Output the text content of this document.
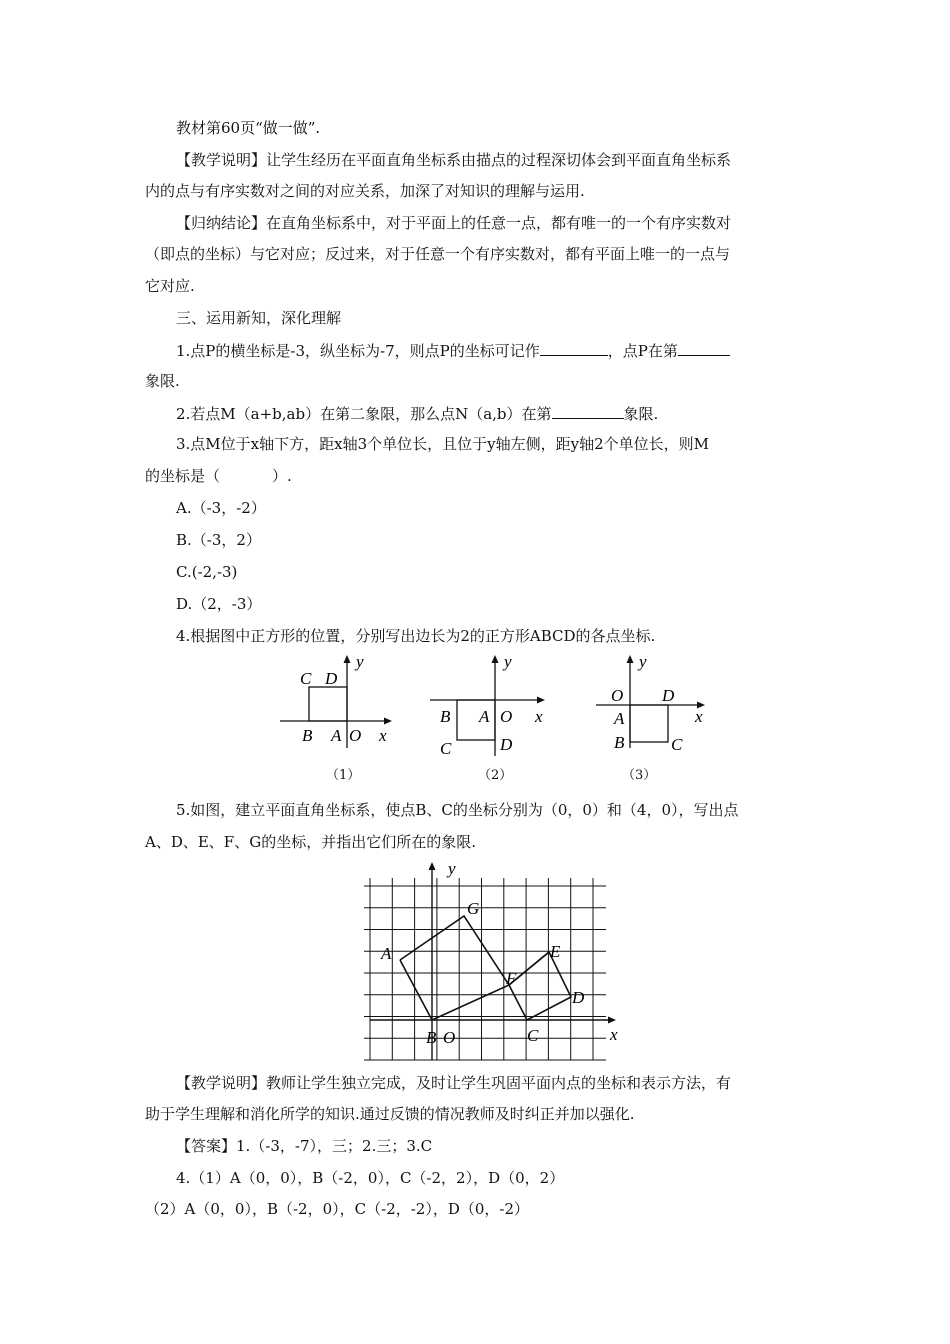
教材第60页“做一做”.
【教学说明】让学生经历在平面直角坐标系由描点的过程深切体会到平面直角坐标系
内的点与有序实数对之间的对应关系，加深了对知识的理解与运用.
【归纳结论】在直角坐标系中，对于平面上的任意一点，都有唯一的一个有序实数对
（即点的坐标）与它对应；反过来，对于任意一个有序实数对，都有平面上唯一的一点与
它对应.
三、运用新知，深化理解
1.点P的横坐标是-3，纵坐标为-7，则点P的坐标可记作	，点P在第
象限.
2.若点M（a+b,ab）在第二象限，那么点N（a,b）在第	象限.
3.点M位于x轴下方，距x轴3个单位长，且位于y轴左侧，距y轴2个单位长，则M
的坐标是（	）.
A.（-3，-2）
B.（-3，2）
C.(-2,-3)
D.（2，-3）
4.根据图中正方形的位置，分别写出边长为2的正方形ABCD的各点坐标.
y
C D
B A O x
（1）
y
B A O x
C	D
（2）
y
O D
A	x
B	C
（3）
5.如图，建立平面直角坐标系，使点B、C的坐标分别为（0，0）和（4，0），写出点
A、D、E、F、G的坐标，并指出它们所在的象限.
y
G
A	E
F
D
B O	C	x
【教学说明】教师让学生独立完成，及时让学生巩固平面内点的坐标和表示方法，有
助于学生理解和消化所学的知识.通过反馈的情况教师及时纠正并加以强化.
【答案】1.（-3，-7），三；2.三；3.C
4.（1）A（0，0），B（-2，0），C（-2，2），D（0，2）
（2）A（0，0），B（-2，0），C（-2，-2），D（0，-2）
